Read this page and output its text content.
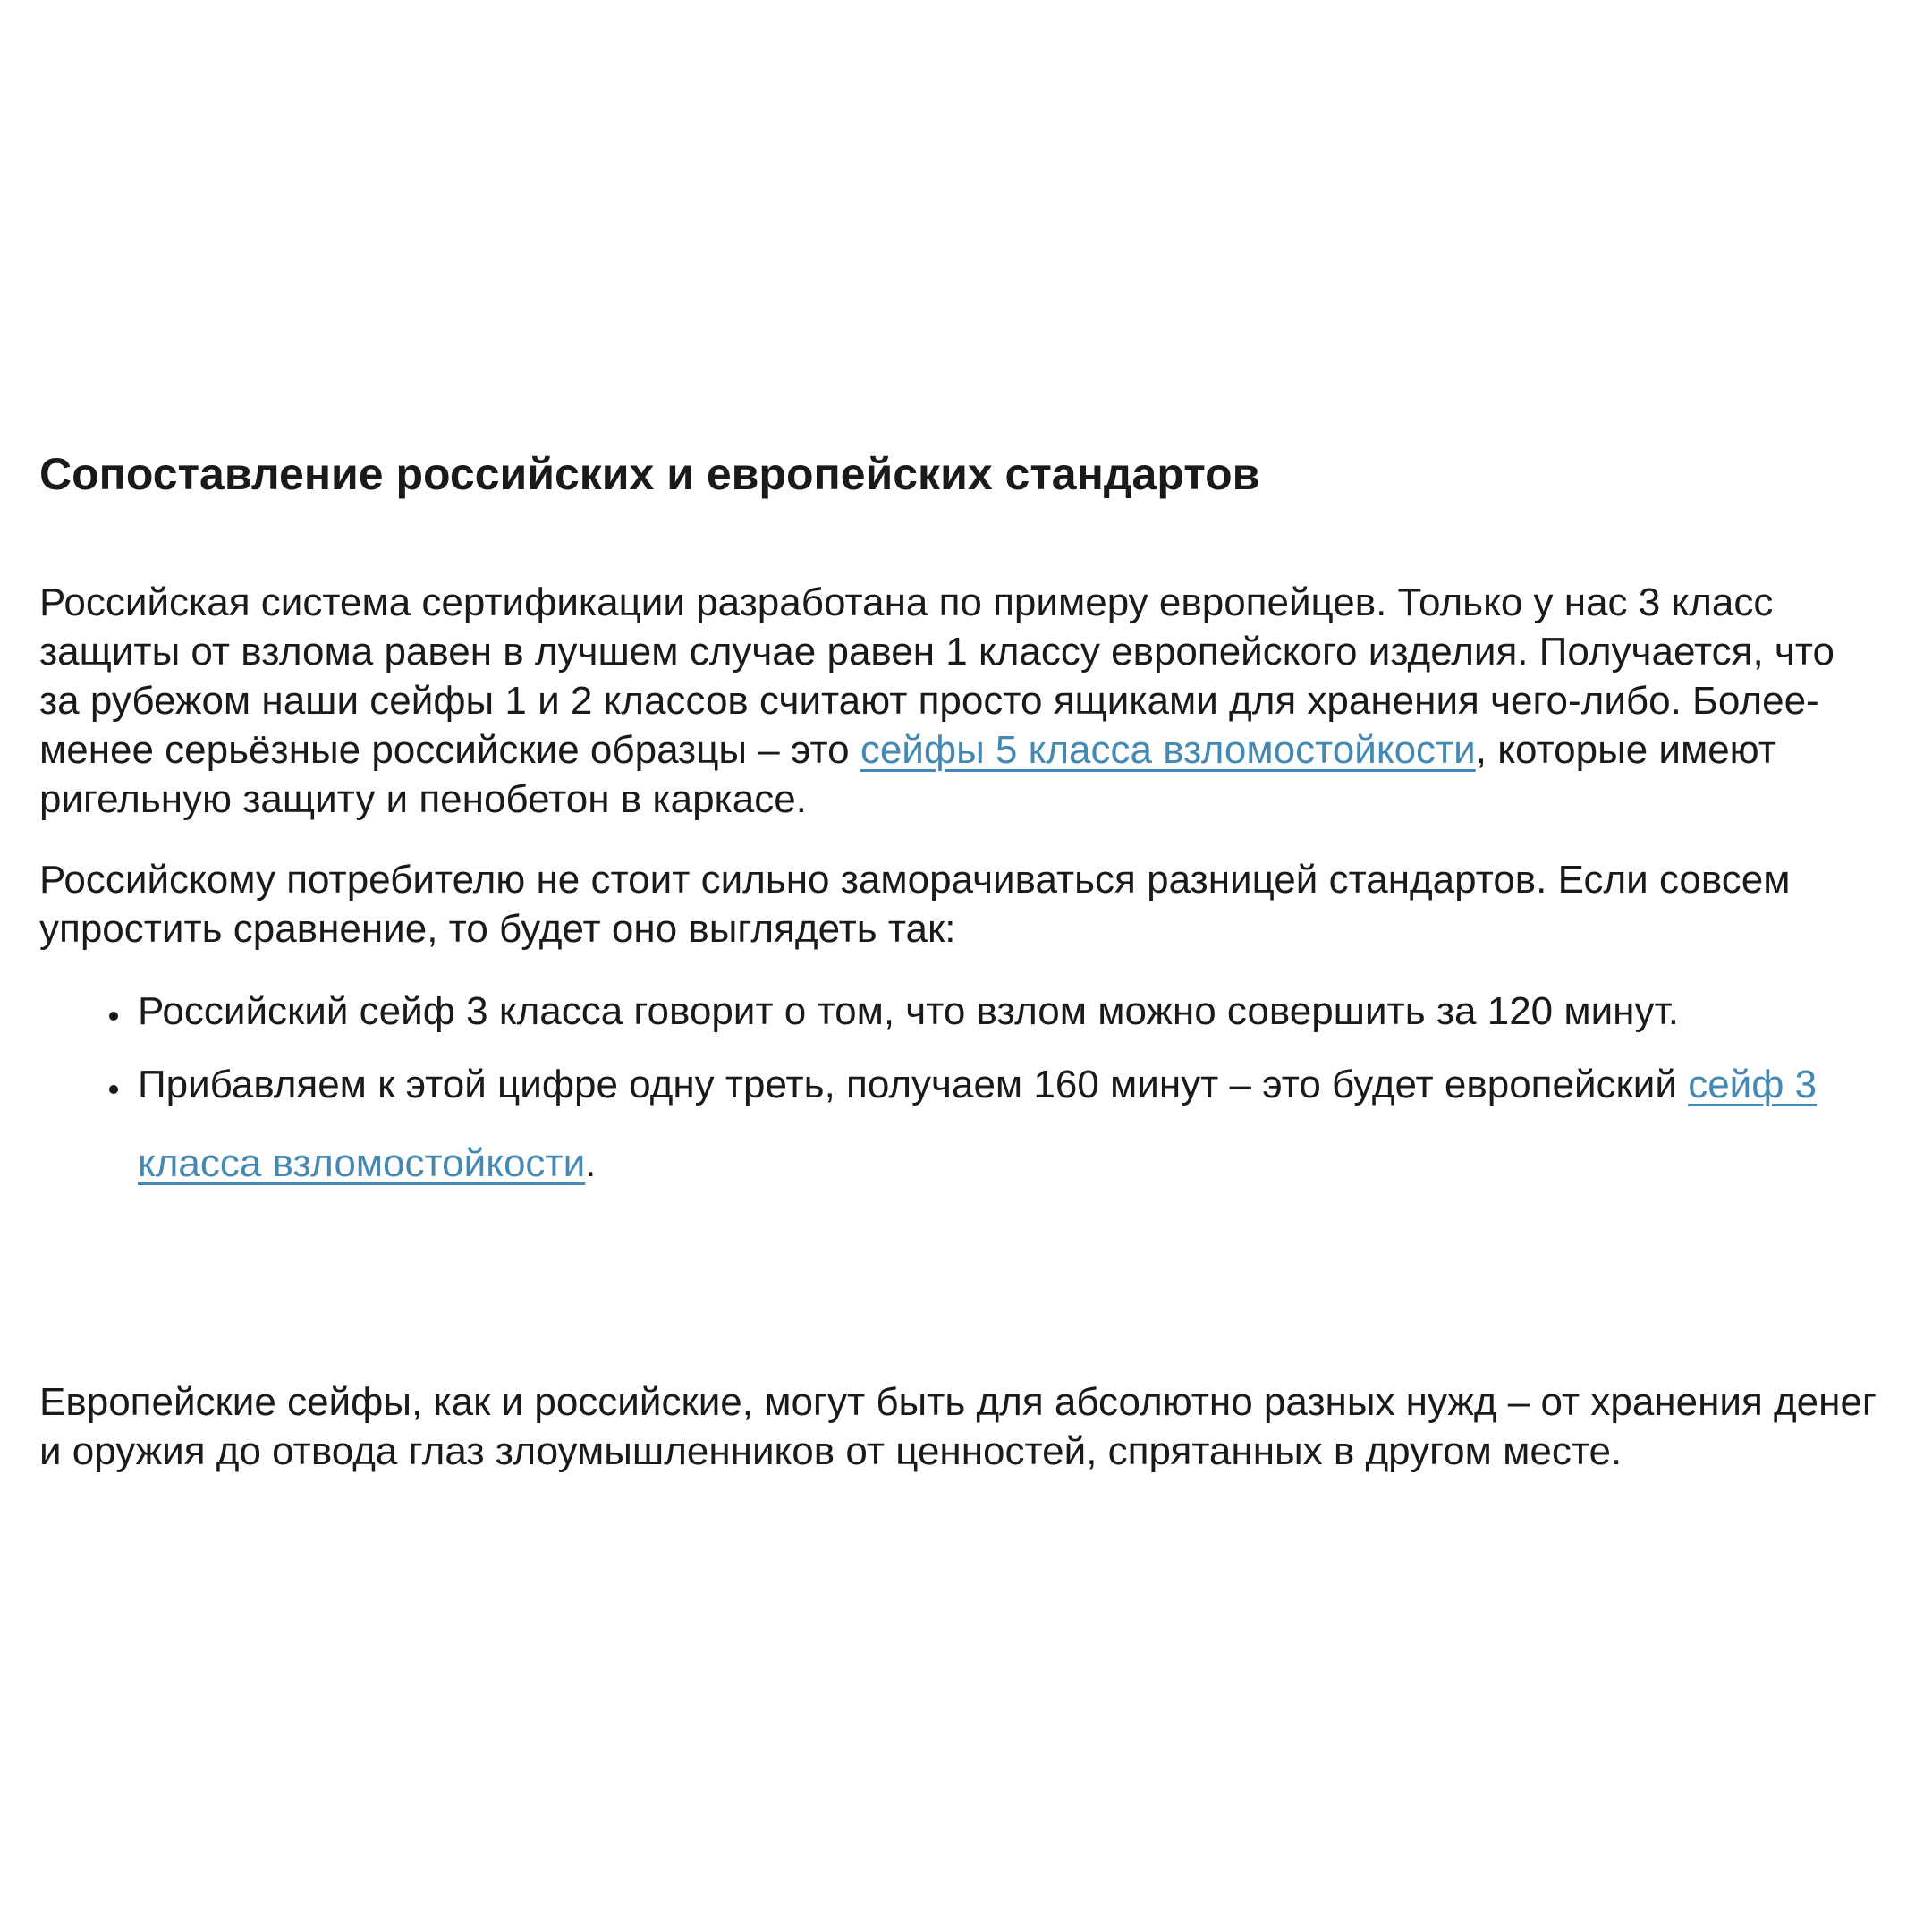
Сопоставление российских и европейских стандартов

Российская система сертификации разработана по примеру европейцев. Только у нас 3 класс защиты от взлома равен в лучшем случае равен 1 классу европейского изделия. Получается, что за рубежом наши сейфы 1 и 2 классов считают просто ящиками для хранения чего-либо. Более-менее серьёзные российские образцы – это сейфы 5 класса взломостойкости, которые имеют ригельную защиту и пенобетон в каркасе.

Российскому потребителю не стоит сильно заморачиваться разницей стандартов. Если совсем упростить сравнение, то будет оно выглядеть так:

• Российский сейф 3 класса говорит о том, что взлом можно совершить за 120 минут.
• Прибавляем к этой цифре одну треть, получаем 160 минут – это будет европейский сейф 3 класса взломостойкости.

Европейские сейфы, как и российские, могут быть для абсолютно разных нужд – от хранения денег и оружия до отвода глаз злоумышленников от ценностей, спрятанных в другом месте.
